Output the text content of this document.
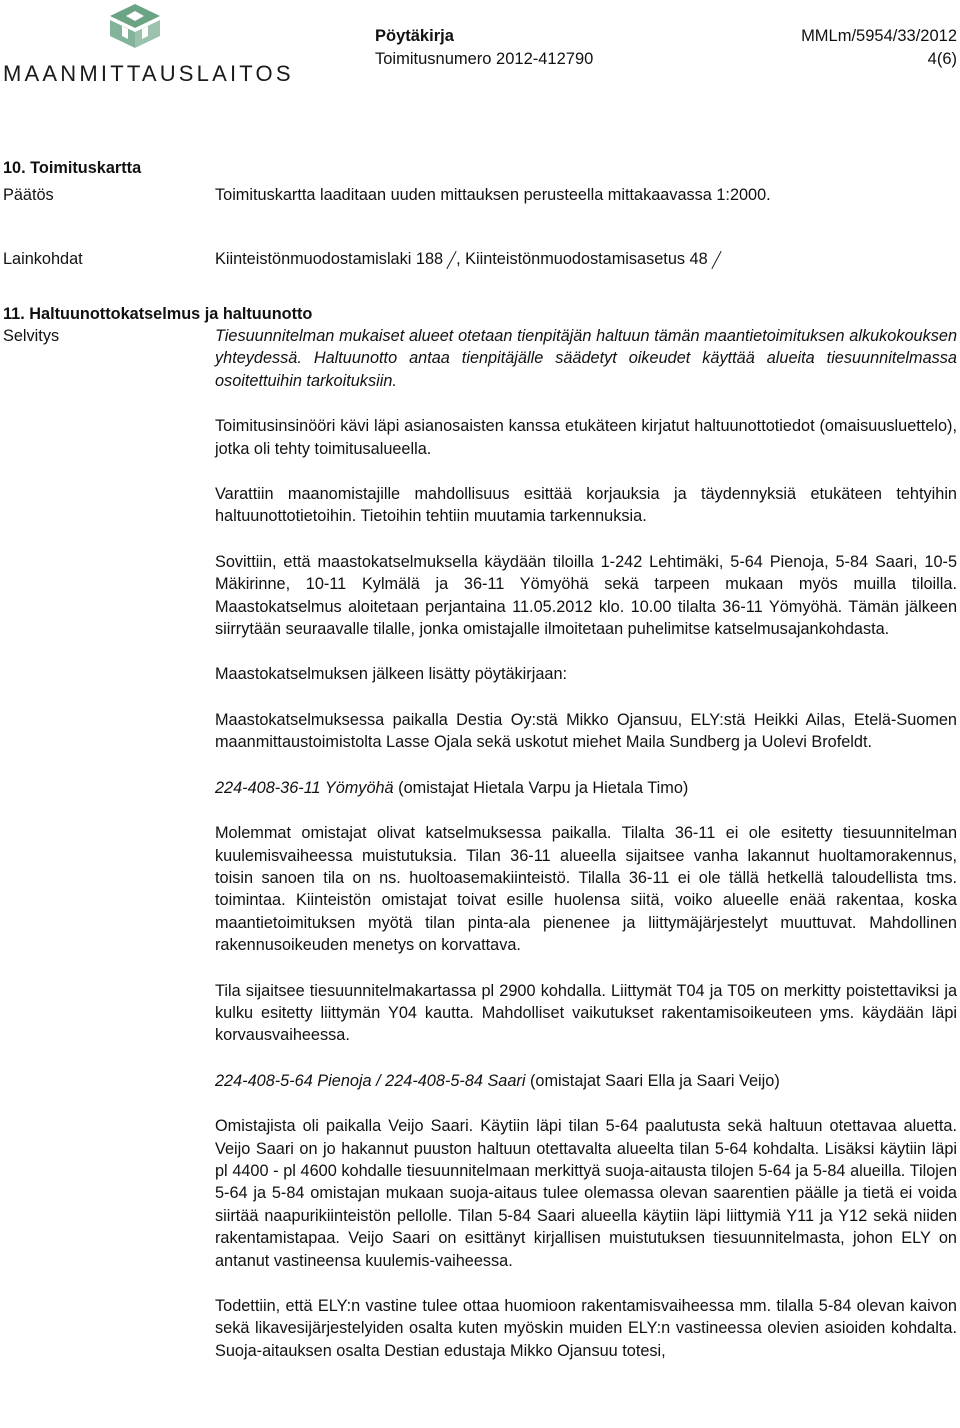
MAANMITTAUSLAITOS
Pöytäkirja	MMLm/5954/33/2012
Toimitusnumero 2012-412790	4(6)
10. Toimituskartta
Päätös	Toimituskartta laaditaan uuden mittauksen perusteella mittakaavassa 1:2000.
Lainkohdat	Kiinteistönmuodostamislaki 188 , Kiinteistönmuodostamisasetus 48
11. Haltuunottokatselmus ja haltuunotto
Selvitys	Tiesuunnitelman mukaiset alueet otetaan tienpitäjän haltuun tämän maantietoimituksen alkukokouksen yhteydessä. Haltuunotto antaa tienpitäjälle säädetyt oikeudet käyttää alueita tiesuunnitelmassa osoitettuihin tarkoituksiin.

Toimitusinsinööri kävi läpi asianosaisten kanssa etukäteen kirjatut haltuunottotiedot (omaisuusluettelo), jotka oli tehty toimitusalueella.

Varattiin maanomistajille mahdollisuus esittää korjauksia ja täydennyksiä etukäteen tehtyihin haltuunottotietoihin. Tietoihin tehtiin muutamia tarkennuksia.

Sovittiin, että maastokatselmuksella käydään tiloilla 1-242 Lehtimäki, 5-64 Pienoja, 5-84 Saari, 10-5 Mäkirinne, 10-11 Kylmälä ja 36-11 Yömyöhä sekä tarpeen mukaan myös muilla tiloilla. Maastokatselmus aloitetaan perjantaina 11.05.2012 klo. 10.00 tilalta 36-11 Yömyöhä. Tämän jälkeen siirrytään seuraavalle tilalle, jonka omistajalle ilmoitetaan puhelimitse katselmusajankohdasta.

Maastokatselmuksen jälkeen lisätty pöytäkirjaan:

Maastokatselmuksessa paikalla Destia Oy:stä Mikko Ojansuu, ELY:stä Heikki Ailas, Etelä-Suomen maanmittaustoimistolta Lasse Ojala sekä uskotut miehet Maila Sundberg ja Uolevi Brofeldt.

224-408-36-11 Yömyöhä (omistajat Hietala Varpu ja Hietala Timo)

Molemmat omistajat olivat katselmuksessa paikalla. Tilalta 36-11 ei ole esitetty tiesuunnitelman kuulemisvaiheessa muistutuksia. Tilan 36-11 alueella sijaitsee vanha lakannut huoltamorakennus, toisin sanoen tila on ns. huoltoasemakiinteistö. Tilalla 36-11 ei ole tällä hetkellä taloudellista tms. toimintaa. Kiinteistön omistajat toivat esille huolensa siitä, voiko alueelle enää rakentaa, koska maantietoimituksen myötä tilan pinta-ala pienenee ja liittymäjärjestelyt muuttuvat. Mahdollinen rakennusoikeuden menetys on korvattava.

Tila sijaitsee tiesuunnitelmakartassa pl 2900 kohdalla. Liittymät T04 ja T05 on merkitty poistettaviksi ja kulku esitetty liittymän Y04 kautta. Mahdolliset vaikutukset rakentamisoikeuteen yms. käydään läpi korvausvaiheessa.

224-408-5-64 Pienoja / 224-408-5-84 Saari (omistajat Saari Ella ja Saari Veijo)

Omistajista oli paikalla Veijo Saari. Käytiin läpi tilan 5-64 paalutusta sekä haltuun otettavaa aluetta. Veijo Saari on jo hakannut puuston haltuun otettavalta alueelta tilan 5-64 kohdalta. Lisäksi käytiin läpi pl 4400 - pl 4600 kohdalle tiesuunnitelmaan merkittyä suoja-aitausta tilojen 5-64 ja 5-84 alueilla. Tilojen 5-64 ja 5-84 omistajan mukaan suoja-aitaus tulee olemassa olevan saarentien päälle ja tietä ei voida siirtää naapurikiinteistön pellolle. Tilan 5-84 Saari alueella käytiin läpi liittymiä Y11 ja Y12 sekä niiden rakentamistapaa. Veijo Saari on esittänyt kirjallisen muistutuksen tiesuunnitelmasta, johon ELY on antanut vastineensa kuulemis-vaiheessa.

Todettiin, että ELY:n vastine tulee ottaa huomioon rakentamisvaiheessa mm. tilalla 5-84 olevan kaivon sekä likavesijärjestelyiden osalta kuten myöskin muiden ELY:n vastineessa olevien asioiden kohdalta. Suoja-aitauksen osalta Destian edustaja Mikko Ojansuu totesi,
